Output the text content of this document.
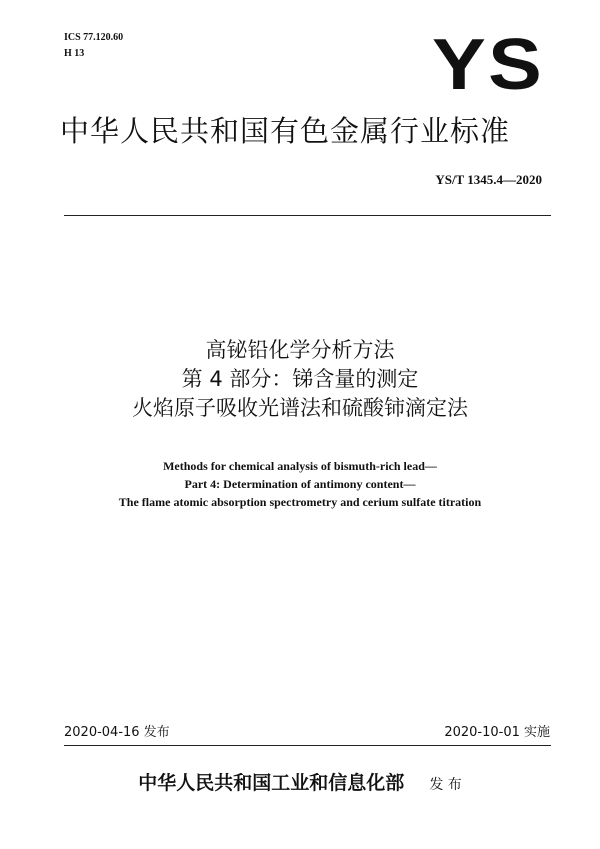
ICS 77.120.60
H 13	YS
中华人民共和国有色金属行业标准
YS/T 1345.4—2020
高铋铅化学分析方法
第 4 部分：锑含量的测定
火焰原子吸收光谱法和硫酸铈滴定法
Methods for chemical analysis of bismuth-rich lead—
Part 4: Determination of antimony content—
The flame atomic absorption spectrometry and cerium sulfate titration
2020-04-16 发布	2020-10-01 实施
中华人民共和国工业和信息化部 发 布
